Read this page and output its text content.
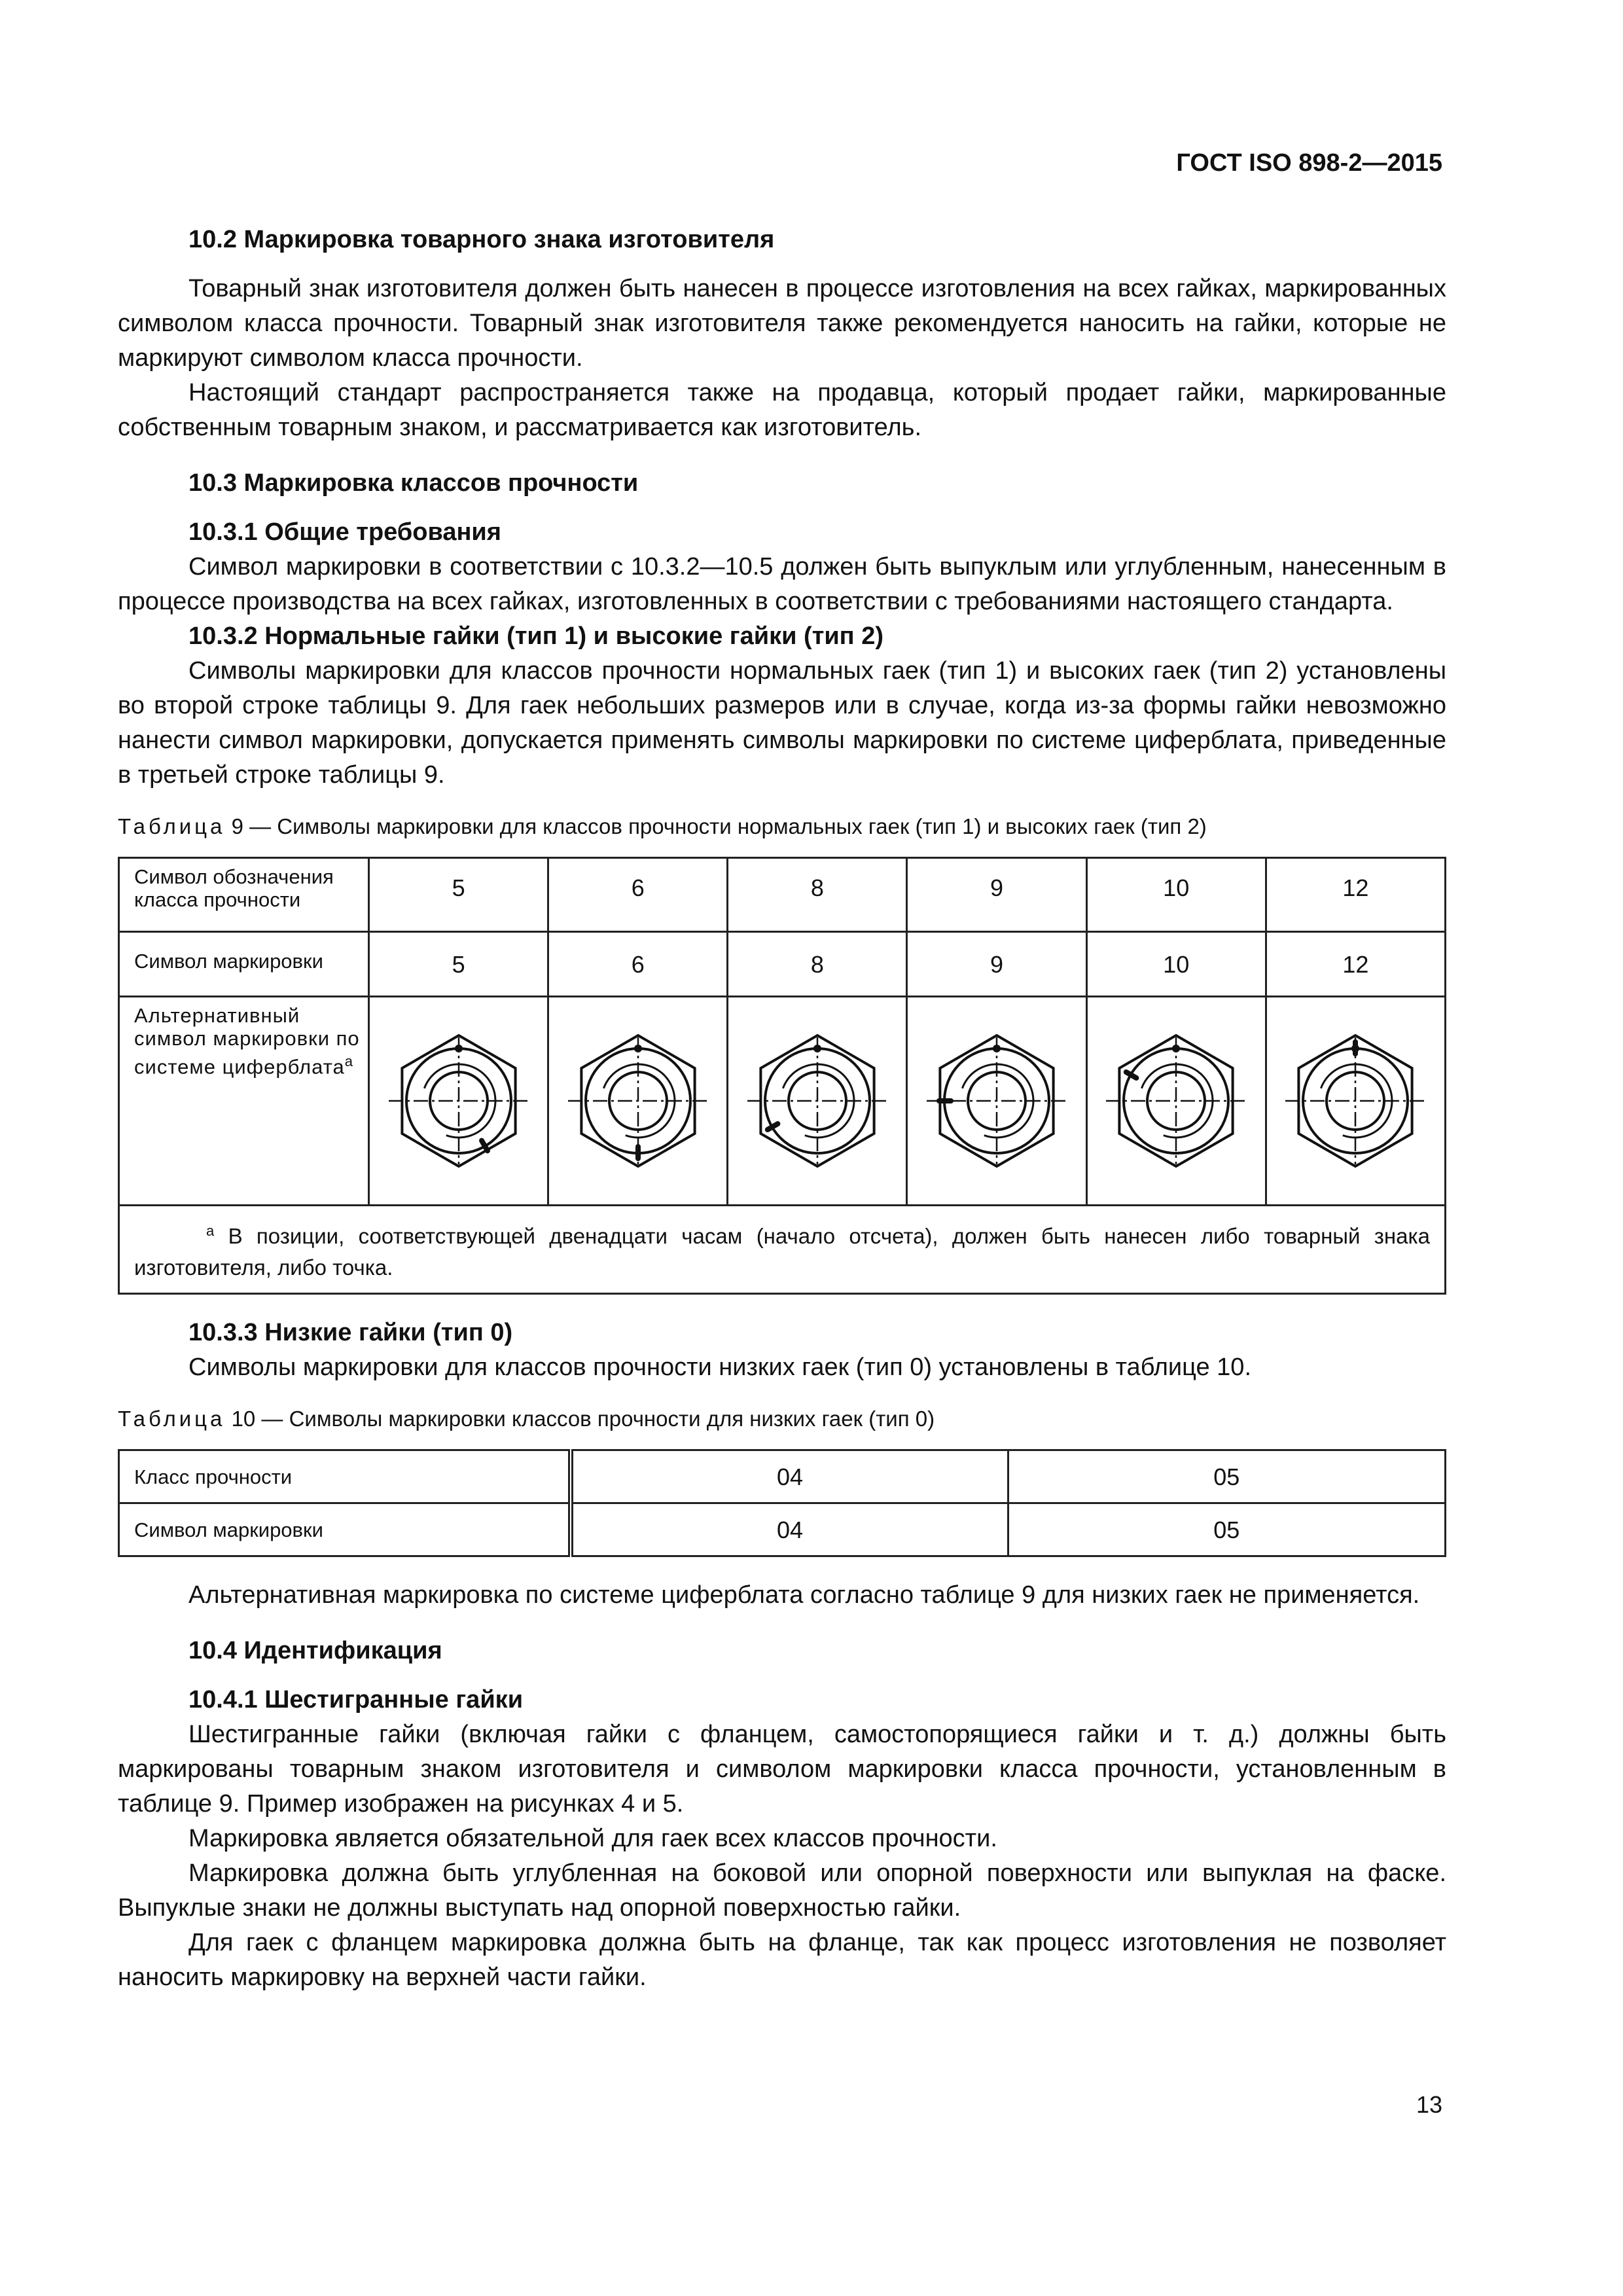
ГОСТ ISO 898-2—2015
10.2 Маркировка товарного знака изготовителя

Товарный знак изготовителя должен быть нанесен в процессе изготовления на всех гайках, маркированных символом класса прочности. Товарный знак изготовителя также рекомендуется наносить на гайки, которые не маркируют символом класса прочности.

Настоящий стандарт распространяется также на продавца, который продает гайки, маркированные собственным товарным знаком, и рассматривается как изготовитель.

10.3 Маркировка классов прочности
10.3.1 Общие требования

Символ маркировки в соответствии с 10.3.2—10.5 должен быть выпуклым или углубленным, нанесенным в процессе производства на всех гайках, изготовленных в соответствии с требованиями настоящего стандарта.

10.3.2 Нормальные гайки (тип 1) и высокие гайки (тип 2)

Символы маркировки для классов прочности нормальных гаек (тип 1) и высоких гаек (тип 2) установлены во второй строке таблицы 9. Для гаек небольших размеров или в случае, когда из-за формы гайки невозможно нанести символ маркировки, допускается применять символы маркировки по системе циферблата, приведенные в третьей строке таблицы 9.

Таблица 9 — Символы маркировки для классов прочности нормальных гаек (тип 1) и высоких гаек (тип 2)

Символ обозначения класса прочности	5	6	8	9	10	12
Символ маркировки	5	6	8	9	10	12
Альтернативный символ маркировки по системе циферблата$^a$	

$^a$ В позиции, соответствующей двенадцати часам (начало отсчета), должен быть нанесен либо товарный знака изготовителя, либо точка.						
10.3.3 Низкие гайки (тип 0)

Символы маркировки для классов прочности низких гаек (тип 0) установлены в таблице 10.

Таблица 10 — Символы маркировки классов прочности для низких гаек (тип 0)

Класс прочности	04	05
Символ маркировки	04	05

Альтернативная маркировка по системе циферблата согласно таблице 9 для низких гаек не применяется.

10.4 Идентификация
10.4.1 Шестигранные гайки

Шестигранные гайки (включая гайки с фланцем, самостопорящиеся гайки и т. д.) должны быть маркированы товарным знаком изготовителя и символом маркировки класса прочности, установленным в таблице 9. Пример изображен на рисунках 4 и 5.

Маркировка является обязательной для гаек всех классов прочности.

Маркировка должна быть углубленная на боковой или опорной поверхности или выпуклая на фаске. Выпуклые знаки не должны выступать над опорной поверхностью гайки.

Для гаек с фланцем маркировка должна быть на фланце, так как процесс изготовления не позволяет наносить маркировку на верхней части гайки.

13
